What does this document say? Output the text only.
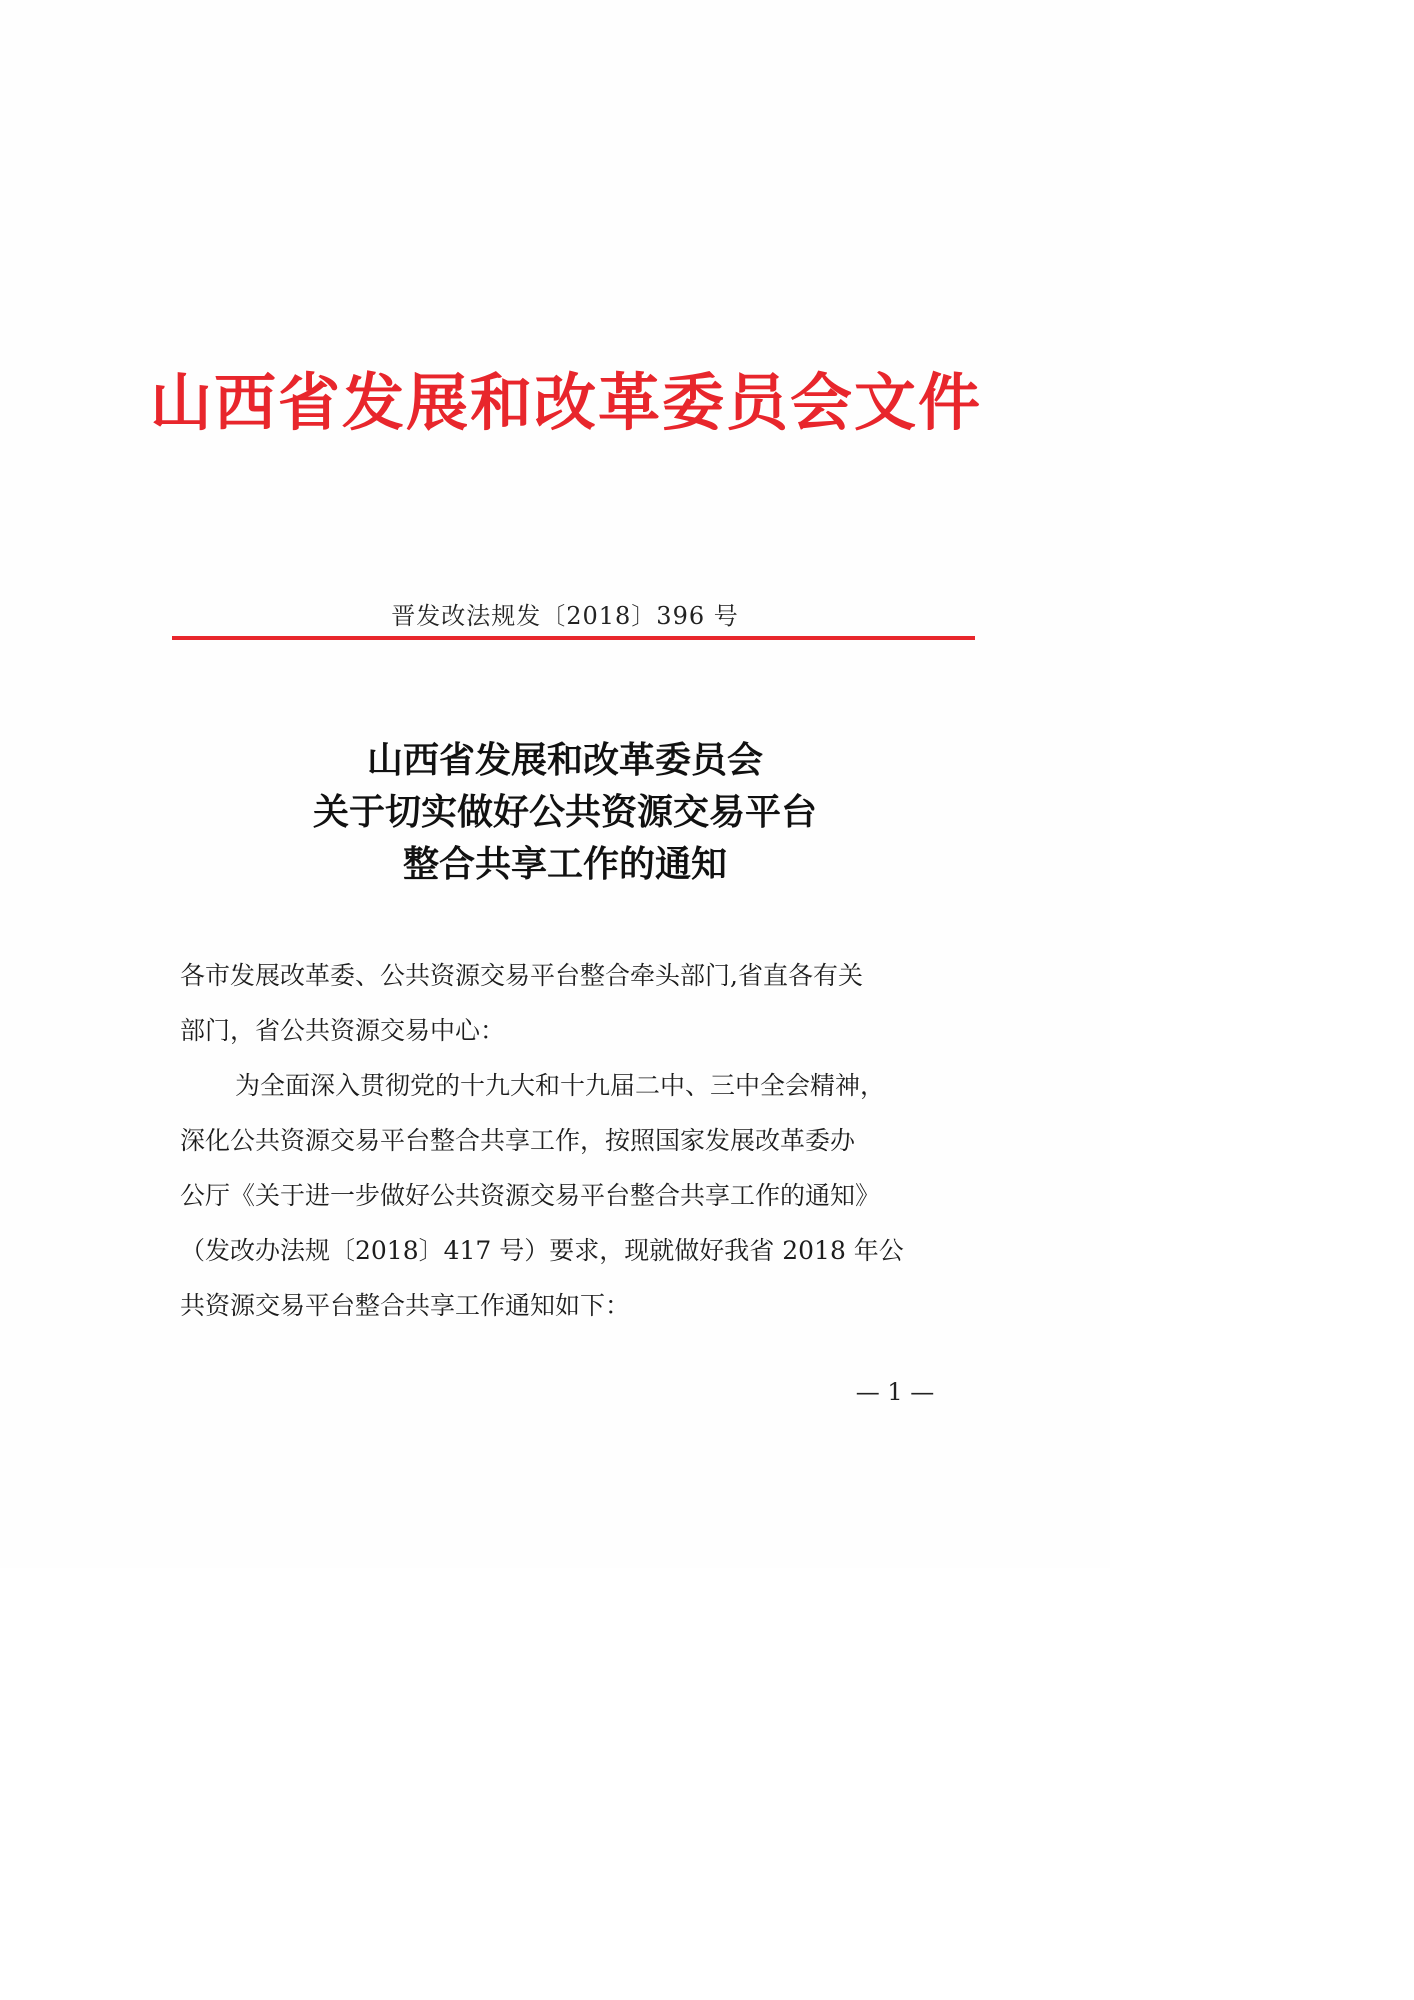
山西省发展和改革委员会文件
晋发改法规发〔2018〕396 号
山西省发展和改革委员会
关于切实做好公共资源交易平台
整合共享工作的通知
各市发展改革委、公共资源交易平台整合牵头部门,省直各有关
部门，省公共资源交易中心：
为全面深入贯彻党的十九大和十九届二中、三中全会精神，
深化公共资源交易平台整合共享工作，按照国家发展改革委办
公厅《关于进一步做好公共资源交易平台整合共享工作的通知》
（发改办法规〔2018〕417 号）要求，现就做好我省 2018 年公
共资源交易平台整合共享工作通知如下：
— 1 —
